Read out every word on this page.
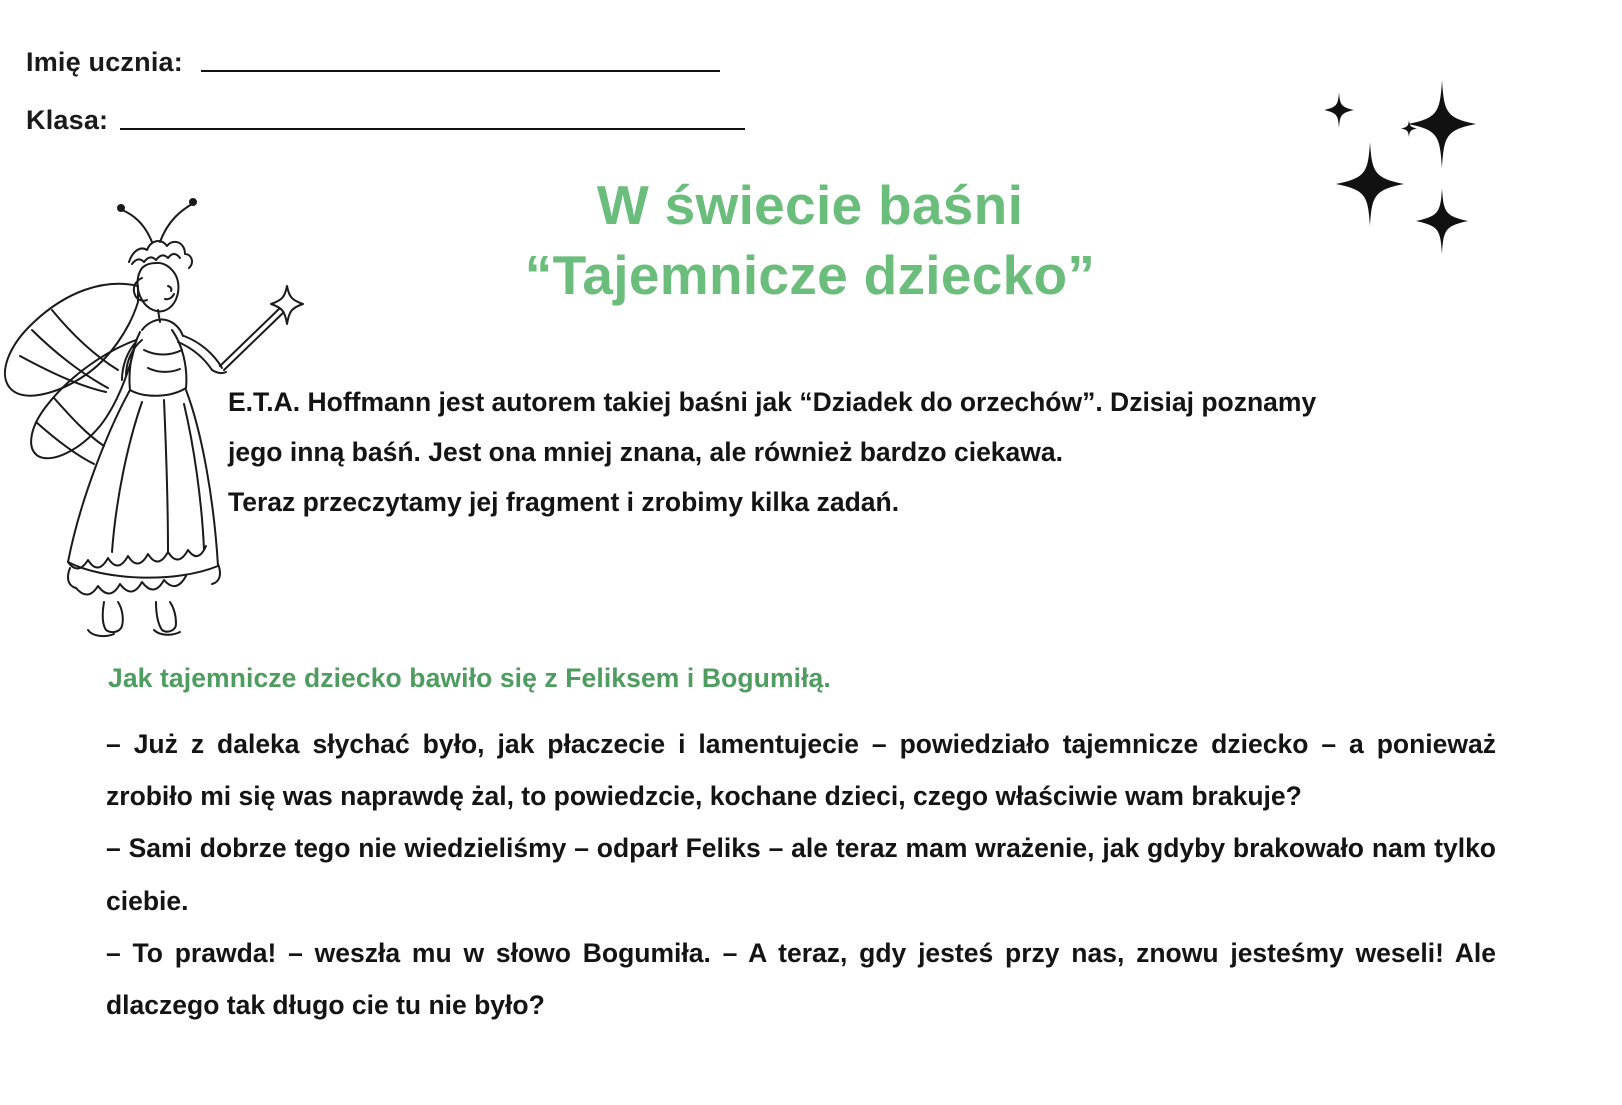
Imię ucznia:
Klasa:
W świecie baśni
“Tajemnicze dziecko”
E.T.A. Hoffmann jest autorem takiej baśni jak “Dziadek do orzechów”. Dzisiaj poznamy
jego inną baśń. Jest ona mniej znana, ale również bardzo ciekawa.
Teraz przeczytamy jej fragment i zrobimy kilka zadań.
Jak tajemnicze dziecko bawiło się z Feliksem i Bogumiłą.

– Już z daleka słychać było, jak płaczecie i lamentujecie – powiedziało tajemnicze dziecko – a ponieważ zrobiło mi się was naprawdę żal, to powiedzcie, kochane dzieci, czego właściwie wam brakuje?

– Sami dobrze tego nie wiedzieliśmy – odparł Feliks – ale teraz mam wrażenie, jak gdyby brakowało nam tylko ciebie.

– To prawda! – weszła mu w słowo Bogumiła. – A teraz, gdy jesteś przy nas, znowu jesteśmy weseli! Ale dlaczego tak długo cie tu nie było?
